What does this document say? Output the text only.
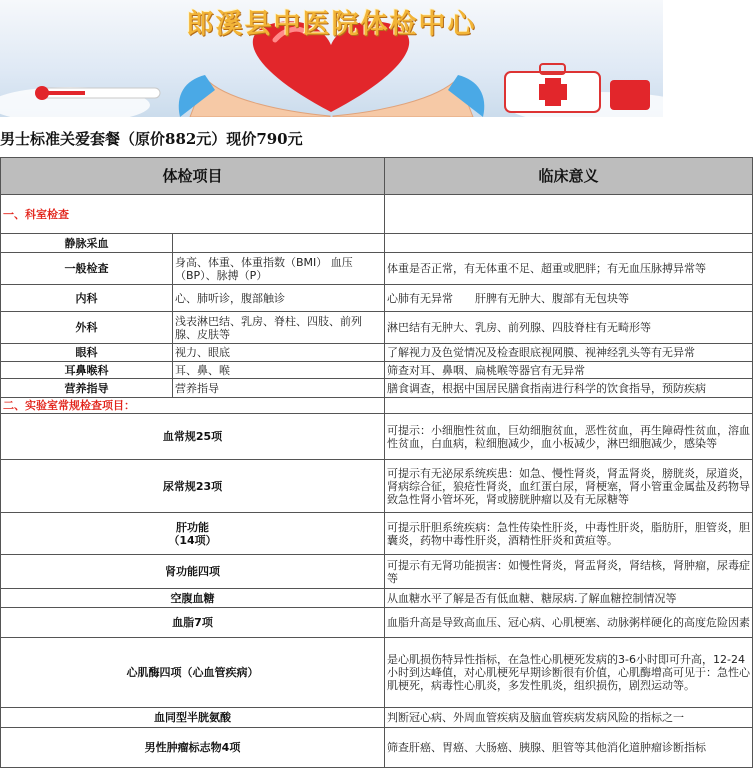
郎溪县中医院体检中心
男士标准关爱套餐（原价882元）现价790元
体检项目		临床意义
一、科室检查		
静脉采血		
一般检查	身高、体重、体重指数（BMI） 血压（BP）、脉搏（P）	体重是否正常，有无体重不足、超重或肥胖；有无血压脉搏异常等
内科	心、肺听诊，腹部触诊	心肺有无异常　　肝脾有无肿大、腹部有无包块等
外科	浅表淋巴结、乳房、脊柱、四肢、前列腺、皮肤等	淋巴结有无肿大、乳房、前列腺、四肢脊柱有无畸形等
眼科	视力、眼底	了解视力及色觉情况及检查眼底视网膜、视神经乳头等有无异常
耳鼻喉科	耳、鼻、喉	筛查对耳、鼻咽、扁桃喉等器官有无异常
营养指导	营养指导	膳食调查，根据中国居民膳食指南进行科学的饮食指导，预防疾病
二、实验室常规检查项目：		
血常规25项		可提示：小细胞性贫血，巨幼细胞贫血，恶性贫血，再生障碍性贫血，溶血性贫血，白血病，粒细胞减少，血小板减少，淋巴细胞减少，感染等
尿常规23项		可提示有无泌尿系统疾患：如急、慢性肾炎，肾盂肾炎，膀胱炎，尿道炎，肾病综合征，狼疮性肾炎，血红蛋白尿，肾梗塞，肾小管重金属盐及药物导致急性肾小管坏死，肾或膀胱肿瘤以及有无尿糖等
肝功能
（14项）		可提示肝胆系统疾病：急性传染性肝炎，中毒性肝炎，脂肪肝，胆管炎，胆囊炎，药物中毒性肝炎，酒精性肝炎和黄疸等。
肾功能四项		可提示有无肾功能损害：如慢性肾炎，肾盂肾炎，肾结核，肾肿瘤，尿毒症等
空腹血糖		从血糖水平了解是否有低血糖、糖尿病.了解血糖控制情况等
血脂7项		血脂升高是导致高血压、冠心病、心肌梗塞、动脉粥样硬化的高度危险因素
心肌酶四项（心血管疾病）		是心肌损伤特异性指标，在急性心肌梗死发病的3-6小时即可升高，12-24小时到达峰值，对心肌梗死早期诊断很有价值，心肌酶增高可见于：急性心肌梗死，病毒性心肌炎，多发性肌炎，组织损伤，剧烈运动等。
血同型半胱氨酸		判断冠心病、外周血管疾病及脑血管疾病发病风险的指标之一
男性肿瘤标志物4项		筛查肝癌、胃癌、大肠癌、胰腺、胆管等其他消化道肿瘤诊断指标
